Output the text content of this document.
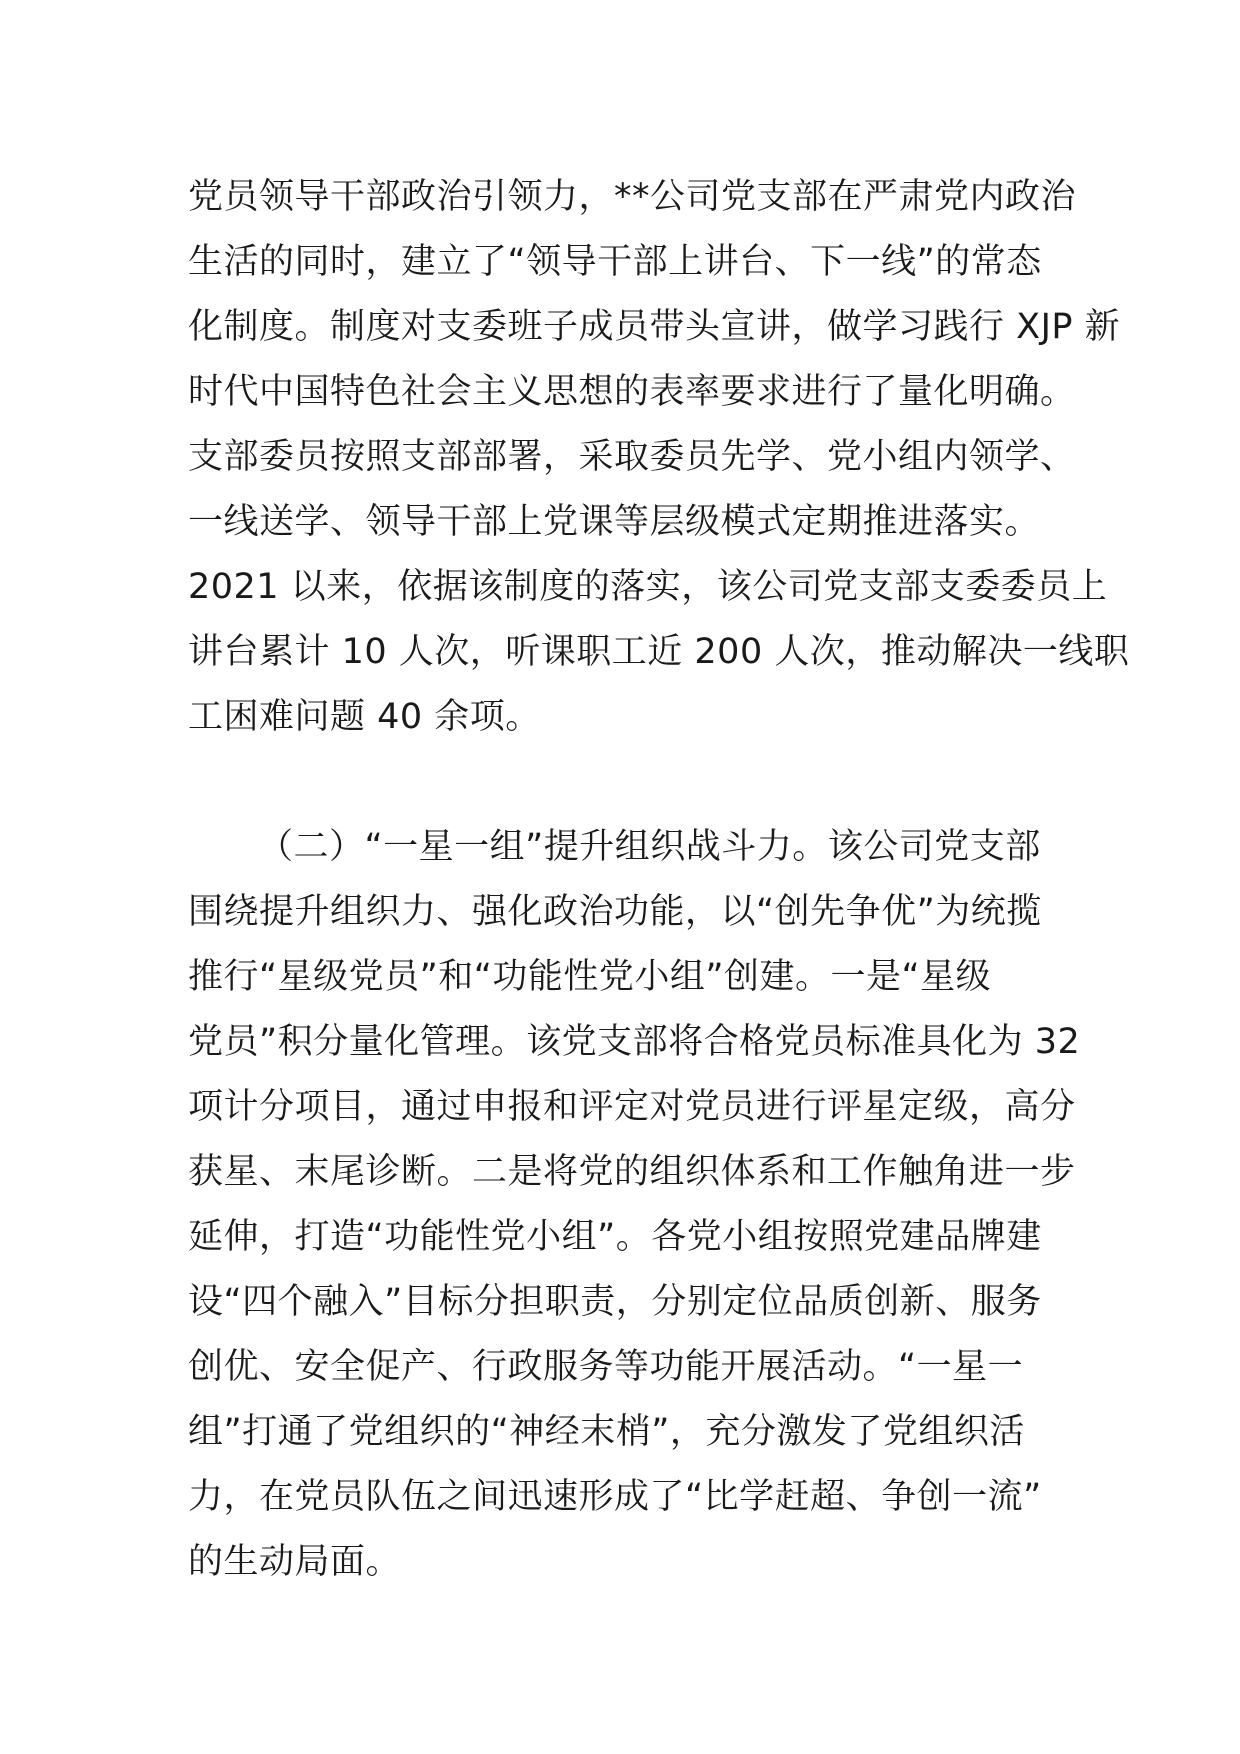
党员领导干部政治引领力，**公司党支部在严肃党内政治
生活的同时，建立了“领导干部上讲台、下一线”的常态
化制度。制度对支委班子成员带头宣讲，做学习践行 XJP 新
时代中国特色社会主义思想的表率要求进行了量化明确。
支部委员按照支部部署，采取委员先学、党小组内领学、
一线送学、领导干部上党课等层级模式定期推进落实。
2021 以来，依据该制度的落实，该公司党支部支委委员上
讲台累计 10 人次，听课职工近 200 人次，推动解决一线职
工困难问题 40 余项。
（二）“一星一组”提升组织战斗力。该公司党支部
围绕提升组织力、强化政治功能，以“创先争优”为统揽
推行“星级党员”和“功能性党小组”创建。一是“星级
党员”积分量化管理。该党支部将合格党员标准具化为 32
项计分项目，通过申报和评定对党员进行评星定级，高分
获星、末尾诊断。二是将党的组织体系和工作触角进一步
延伸，打造“功能性党小组”。各党小组按照党建品牌建
设“四个融入”目标分担职责，分别定位品质创新、服务
创优、安全促产、行政服务等功能开展活动。“一星一
组”打通了党组织的“神经末梢”，充分激发了党组织活
力，在党员队伍之间迅速形成了“比学赶超、争创一流”
的生动局面。
